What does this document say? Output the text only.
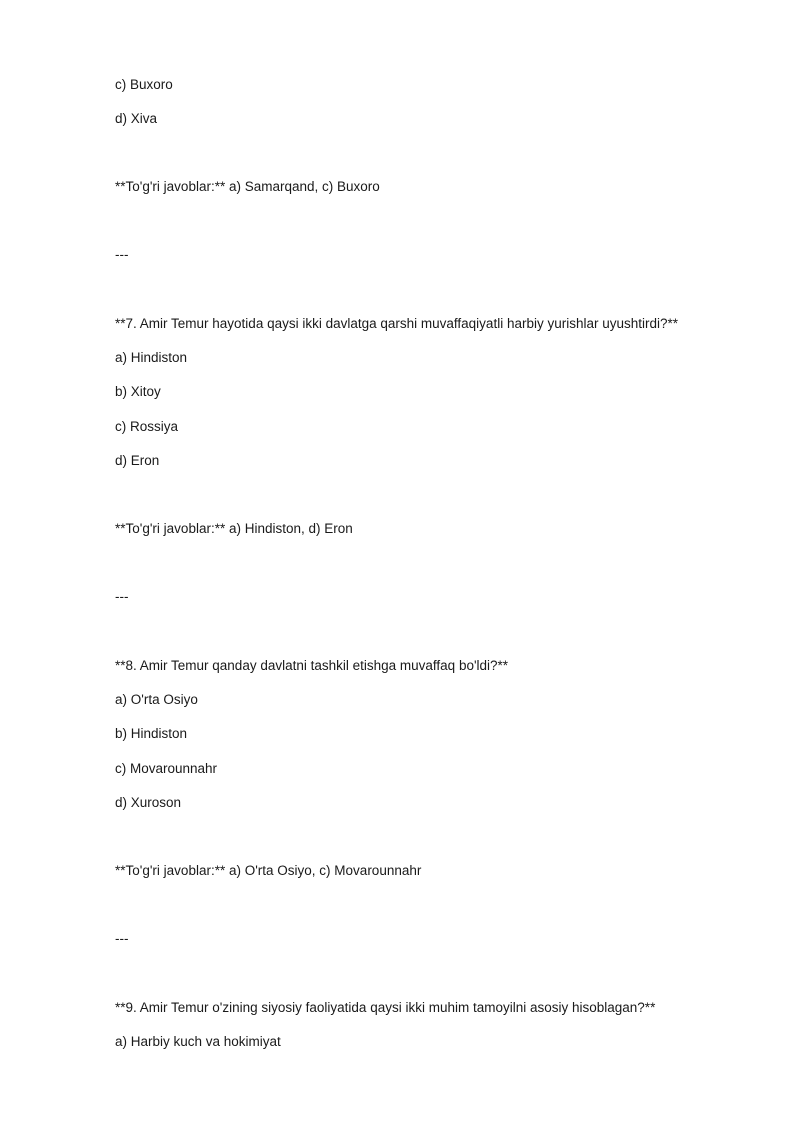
c) Buxoro
d) Xiva
**To'g'ri javoblar:** a) Samarqand, c) Buxoro
---
**7. Amir Temur hayotida qaysi ikki davlatga qarshi muvaffaqiyatli harbiy yurishlar uyushtirdi?**
a) Hindiston
b) Xitoy
c) Rossiya
d) Eron
**To'g'ri javoblar:** a) Hindiston, d) Eron
---
**8. Amir Temur qanday davlatni tashkil etishga muvaffaq bo'ldi?**
a) O'rta Osiyo
b) Hindiston
c) Movarounnahr
d) Xuroson
**To'g'ri javoblar:** a) O'rta Osiyo, c) Movarounnahr
---
**9. Amir Temur o'zining siyosiy faoliyatida qaysi ikki muhim tamoyilni asosiy hisoblagan?**
a) Harbiy kuch va hokimiyat
